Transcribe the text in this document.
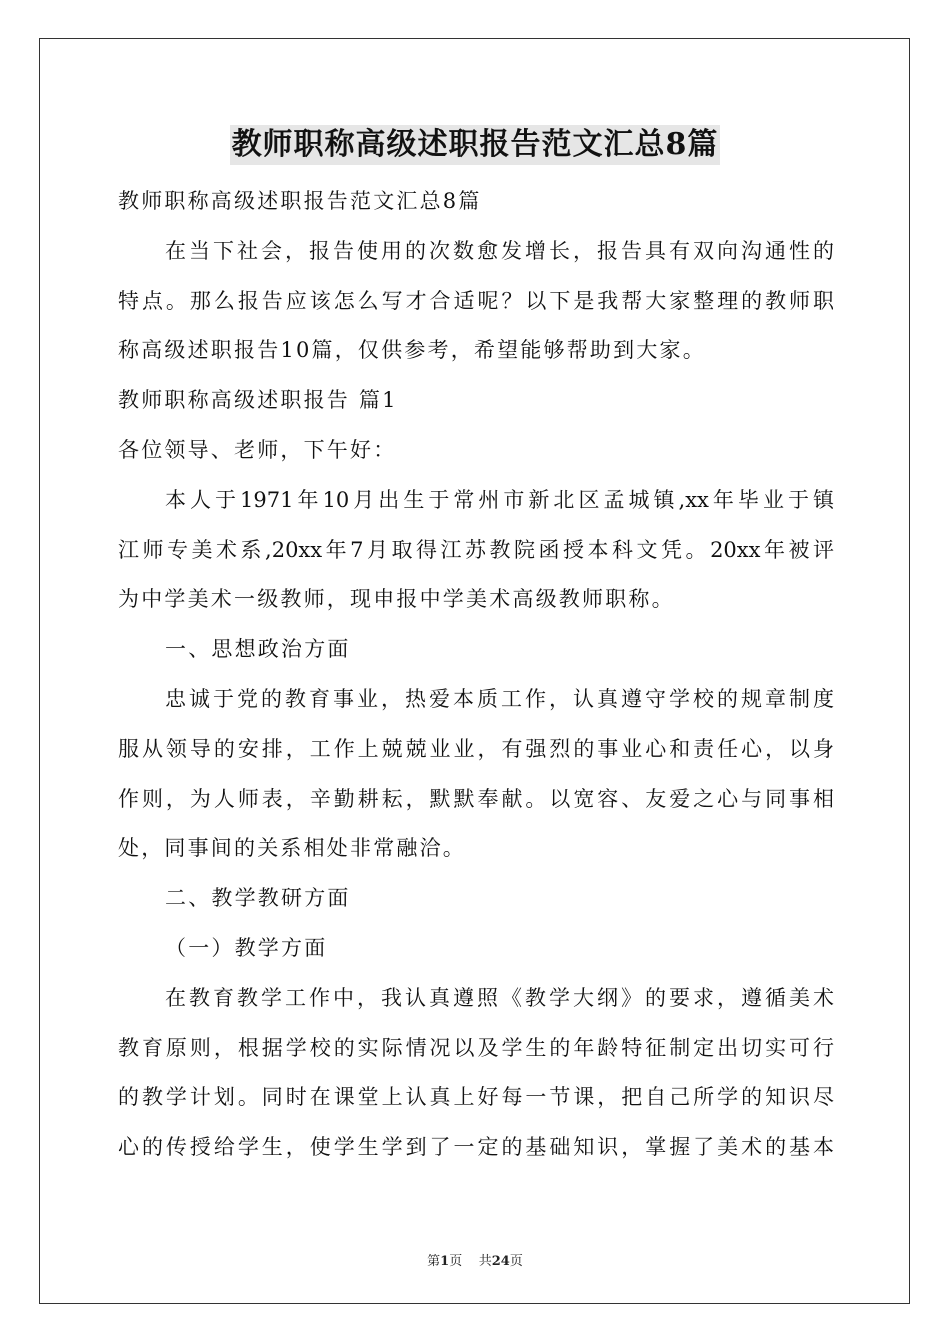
教师职称高级述职报告范文汇总8篇
教师职称高级述职报告范文汇总8篇
在当下社会，报告使用的次数愈发增长，报告具有双向沟通性的
特点。那么报告应该怎么写才合适呢？以下是我帮大家整理的教师职
称高级述职报告10篇，仅供参考，希望能够帮助到大家。
教师职称高级述职报告 篇1
各位领导、老师，下午好：
本人于1971年10月出生于常州市新北区孟城镇,xx年毕业于镇
江师专美术系,20xx年7月取得江苏教院函授本科文凭。20xx年被评
为中学美术一级教师，现申报中学美术高级教师职称。
一、思想政治方面
忠诚于党的教育事业，热爱本质工作，认真遵守学校的规章制度
服从领导的安排，工作上兢兢业业，有强烈的事业心和责任心，以身
作则，为人师表，辛勤耕耘，默默奉献。以宽容、友爱之心与同事相
处，同事间的关系相处非常融洽。
二、教学教研方面
（一）教学方面
在教育教学工作中，我认真遵照《教学大纲》的要求，遵循美术
教育原则，根据学校的实际情况以及学生的年龄特征制定出切实可行
的教学计划。同时在课堂上认真上好每一节课，把自己所学的知识尽
心的传授给学生，使学生学到了一定的基础知识，掌握了美术的基本
第1页 共24页
